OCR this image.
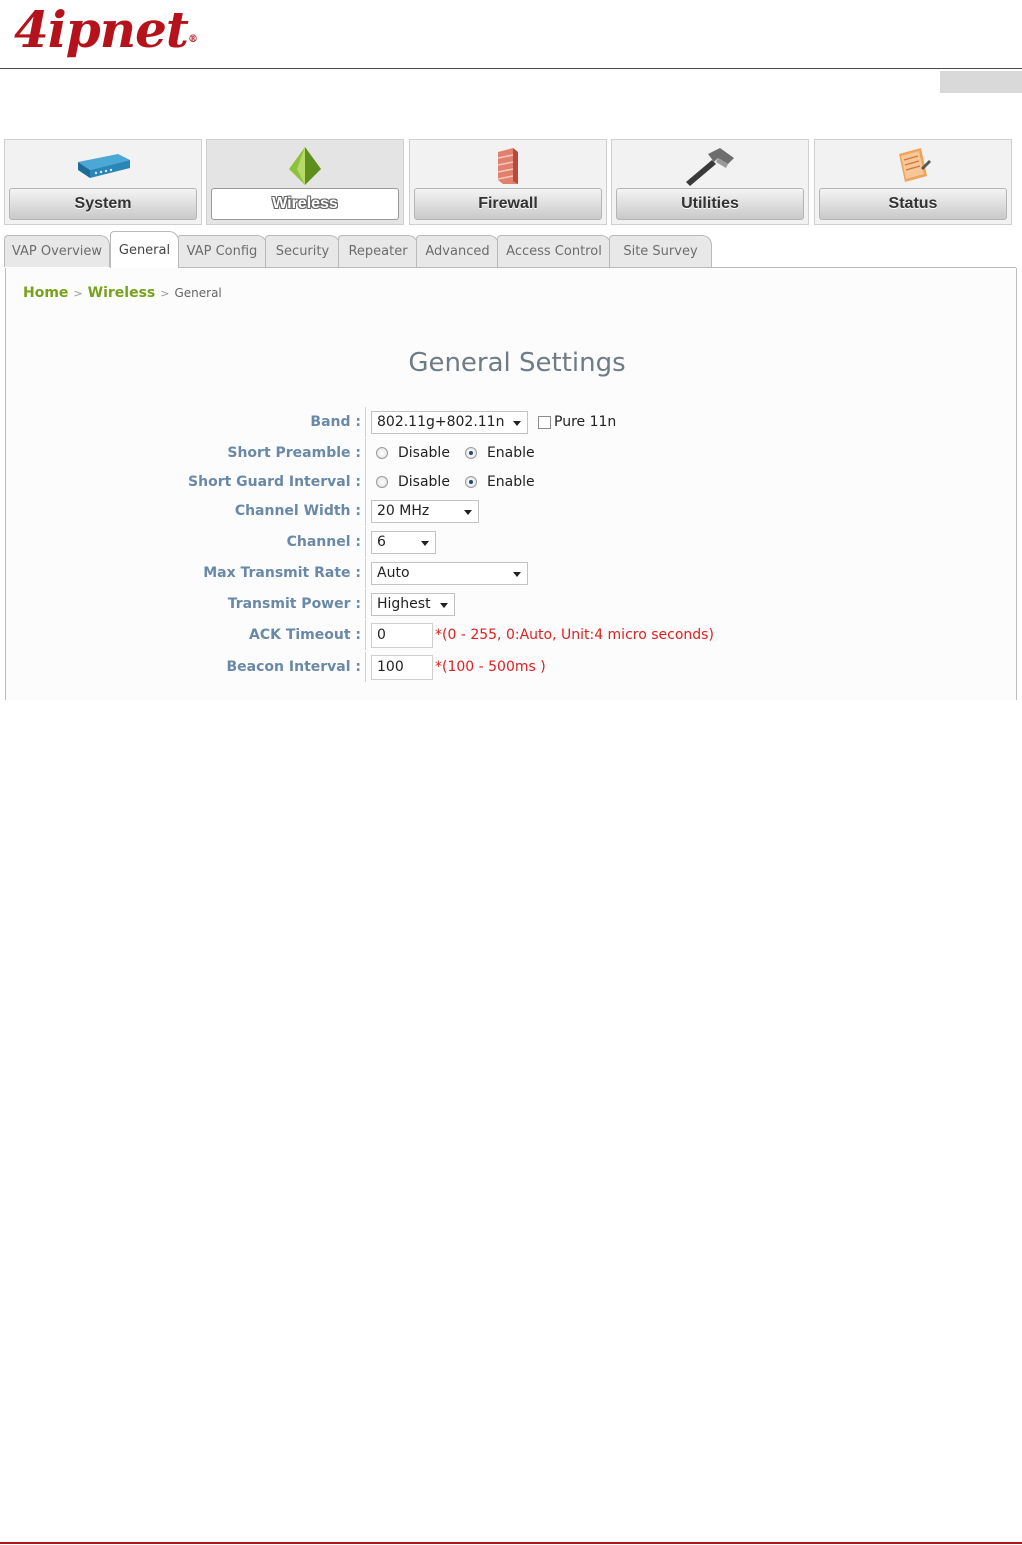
4ipnet®
System	Wireless	Firewall	Utilities	Status
VAP Overview	General	VAP Config	Security	Repeater	Advanced	Access Control	Site Survey
Home > Wireless > General
General Settings
Band :	802.11g+802.11n	Pure 11n
Short Preamble :	Disable	Enable
Short Guard Interval :	Disable	Enable
Channel Width :	20 MHz
Channel :	6
Max Transmit Rate :	Auto
Transmit Power :	Highest
ACK Timeout :	0	*(0 - 255, 0:Auto, Unit:4 micro seconds)
Beacon Interval :	100	*(100 - 500ms )
